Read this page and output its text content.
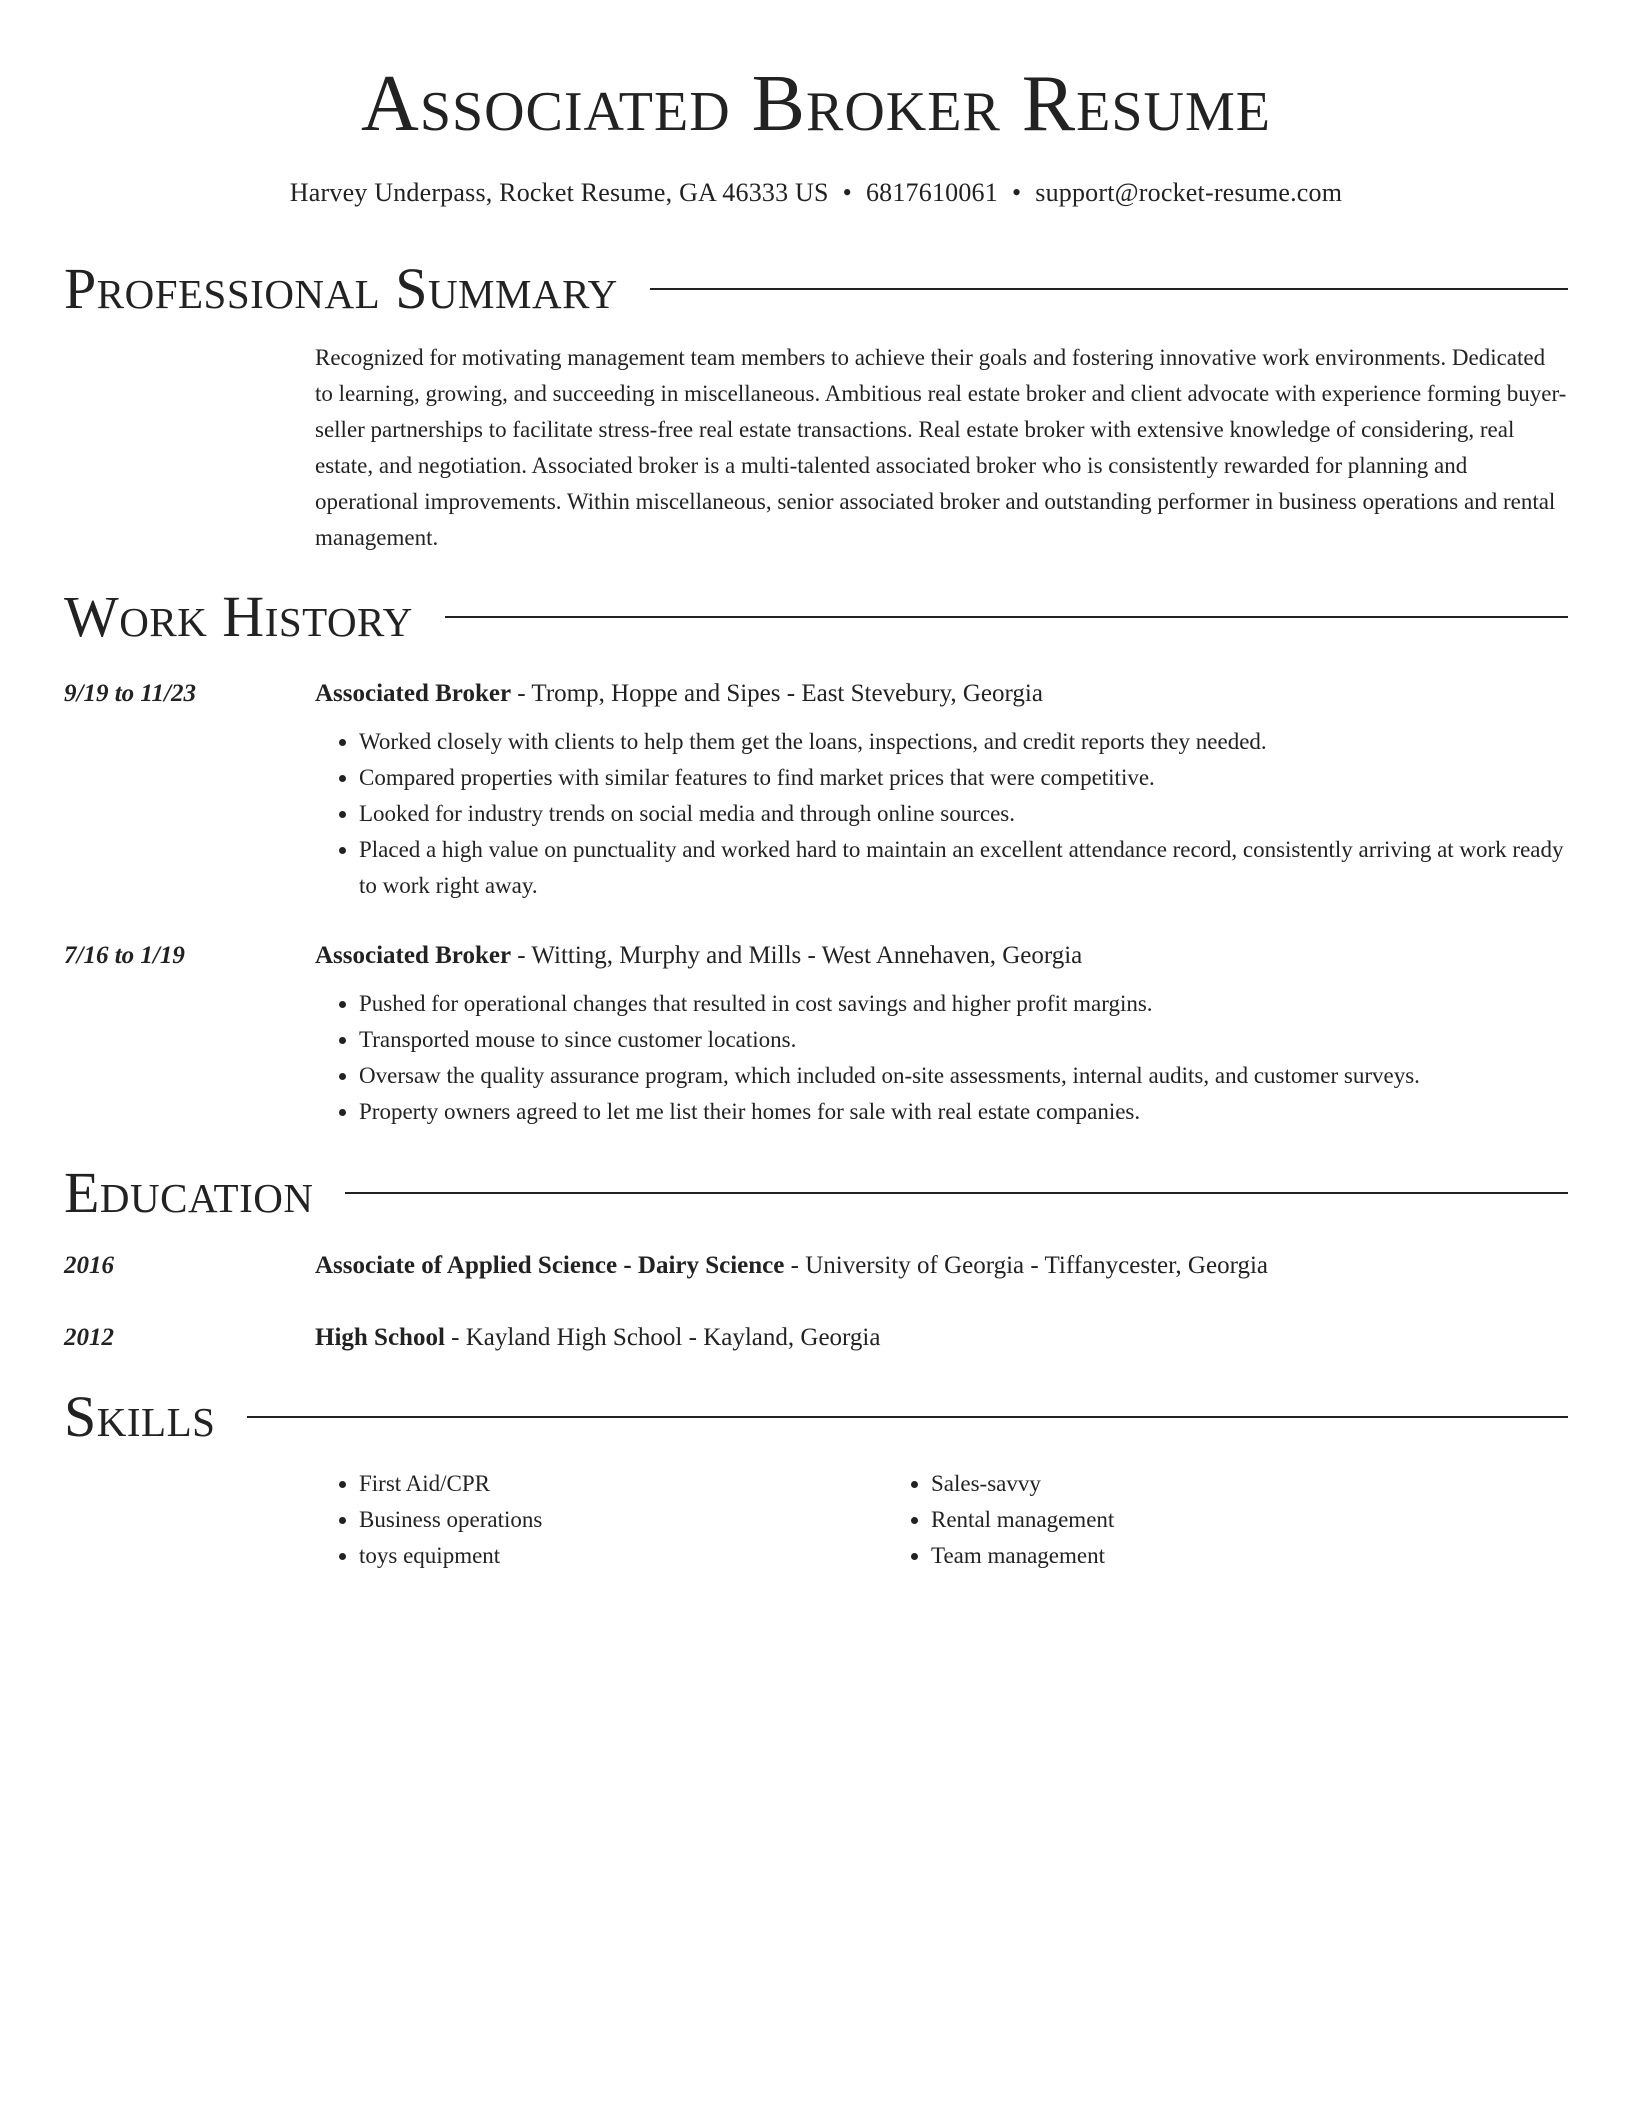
Associated Broker Resume
Harvey Underpass, Rocket Resume, GA 46333 US • 6817610061 • support@rocket-resume.com
Professional Summary
Recognized for motivating management team members to achieve their goals and fostering innovative work environments. Dedicated to learning, growing, and succeeding in miscellaneous. Ambitious real estate broker and client advocate with experience forming buyer-seller partnerships to facilitate stress-free real estate transactions. Real estate broker with extensive knowledge of considering, real estate, and negotiation. Associated broker is a multi-talented associated broker who is consistently rewarded for planning and operational improvements. Within miscellaneous, senior associated broker and outstanding performer in business operations and rental management.
Work History
9/19 to 11/23	Associated Broker - Tromp, Hoppe and Sipes - East Stevebury, Georgia
• Worked closely with clients to help them get the loans, inspections, and credit reports they needed.
• Compared properties with similar features to find market prices that were competitive.
• Looked for industry trends on social media and through online sources.
• Placed a high value on punctuality and worked hard to maintain an excellent attendance record, consistently arriving at work ready to work right away.
7/16 to 1/19	Associated Broker - Witting, Murphy and Mills - West Annehaven, Georgia
• Pushed for operational changes that resulted in cost savings and higher profit margins.
• Transported mouse to since customer locations.
• Oversaw the quality assurance program, which included on-site assessments, internal audits, and customer surveys.
• Property owners agreed to let me list their homes for sale with real estate companies.
Education
2016	Associate of Applied Science - Dairy Science - University of Georgia - Tiffanycester, Georgia
2012	High School - Kayland High School - Kayland, Georgia
Skills
• First Aid/CPR
• Business operations
• toys equipment
• Sales-savvy
• Rental management
• Team management
